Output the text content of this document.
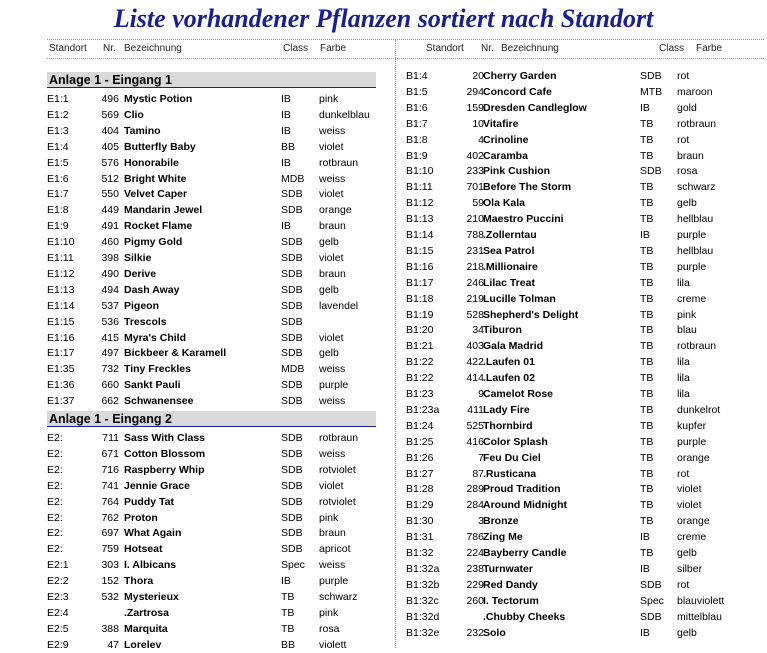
Liste vorhandener Pflanzen sortiert nach Standort
Standort Nr. Bezeichnung	Class Farbe	Standort Nr. Bezeichnung	Class Farbe
Anlage 1 - Eingang 1
E1:1	496 Mystic Potion	IB	pink
E1:2	569 Clio	IB	dunkelblau
E1:3	404 Tamino	IB	weiss
E1:4	405 Butterfly Baby	BB violet
E1:5	576 Honorabile	IB	rotbraun
E1:6	512 Bright White	MDB weiss
E1:7	550 Velvet Caper	SDB violet
E1:8	449 Mandarin Jewel	SDB orange
E1:9	491 Rocket Flame	IB	braun
E1:10	460 Pigmy Gold	SDB gelb
E1:11	398 Silkie	SDB violet
E1:12	490 Derive	SDB braun
E1:13	494 Dash Away	SDB gelb
E1:14	537 Pigeon	SDB lavendel
E1:15	536 Trescols	SDB
E1:16	415 Myra's Child	SDB violet
E1:17	497 Bickbeer & Karamell	SDB gelb
E1:35	732 Tiny Freckles	MDB weiss
E1:36	660 Sankt Pauli	SDB purple
E1:37	662 Schwanensee	SDB weiss
Anlage 1 - Eingang 2
E2:	711 Sass With Class	SDB rotbraun
E2:	671 Cotton Blossom	SDB weiss
E2:	716 Raspberry Whip	SDB rotviolet
E2:	741 Jennie Grace	SDB violet
E2:	764 Puddy Tat	SDB rotviolet
E2:	762 Proton	SDB pink
E2:	697 What Again	SDB braun
E2:	759 Hotseat	SDB apricot
E2:1	303 I. Albicans	Spec weiss
E2:2	152 Thora	IB	purple
E2:3	532 Mysterieux	TB schwarz
E2:4	.Zartrosa	TB pink
E2:5	388 Marquita	TB rosa
E2:9	47 Lorelev	BB violett
B1:4	20 Cherry Garden	SDB rot
B1:5	294 Concord Cafe	MTB maroon
B1:6	159 Dresden Candleglow	IB	gold
B1:7	10 Vitafire	TB rotbraun
B1:8	4 Crinoline	TB rot
B1:9	402 Caramba	TB braun
B1:10	233 Pink Cushion	SDB rosa
B1:11	701 Before The Storm	TB schwarz
B1:12	59 Ola Kala	TB gelb
B1:13	210 Maestro Puccini	TB hellblau
B1:14	788 .Zollerntau	IB	purple
B1:15	231 Sea Patrol	TB hellblau
B1:16	218 .Millionaire	TB purple
B1:17	246 Lilac Treat	TB lila
B1:18	219 Lucille Tolman	TB creme
B1:19	528 Shepherd's Delight	TB pink
B1:20	34 Tiburon	TB blau
B1:21	403 Gala Madrid	TB rotbraun
B1:22	422 .Laufen 01	TB lila
B1:22	414 .Laufen 02	TB lila
B1:23	9 Camelot Rose	TB lila
B1:23a	411 Lady Fire	TB dunkelrot
B1:24	525 Thornbird	TB kupfer
B1:25	416 Color Splash	TB purple
B1:26	7 Feu Du Ciel	TB orange
B1:27	87 .Rusticana	TB rot
B1:28	289 Proud Tradition	TB violet
B1:29	284 Around Midnight	TB violet
B1:30	3 Bronze	TB orange
B1:31	786 Zing Me	IB	creme
B1:32	224 Bayberry Candle	TB gelb
B1:32a	238 Turnwater	IB	silber
B1:32b	229 Red Dandy	SDB rot
B1:32c	260 I. Tectorum	Spec blauviolett
B1:32d	.Chubby Cheeks	SDB mittelblau
B1:32e	232 Solo	IB	gelb
